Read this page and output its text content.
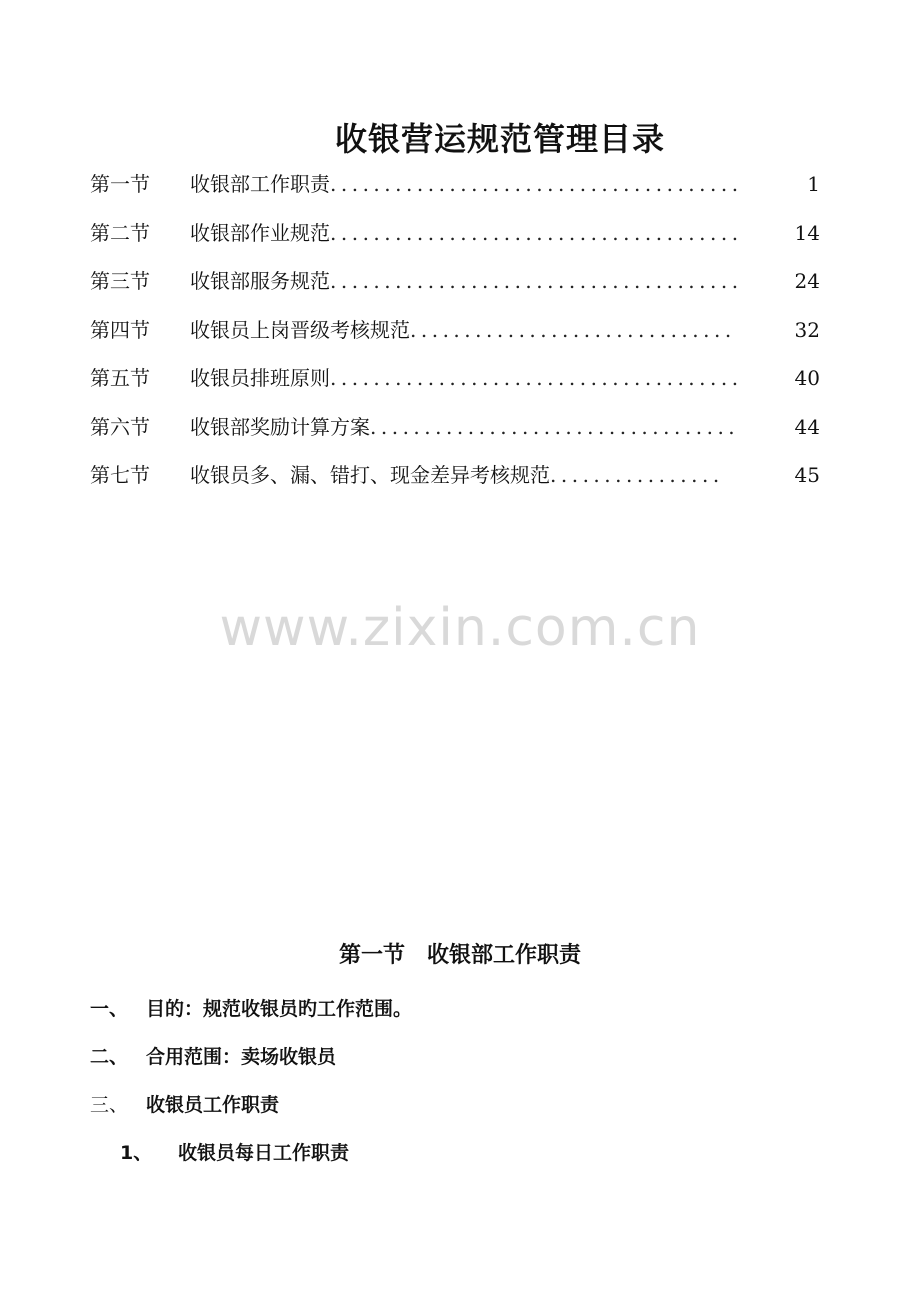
收银营运规范管理目录
第一节	收银部工作职责 ......................................	1
第二节	收银部作业规范 ......................................	14
第三节	收银部服务规范 ......................................	24
第四节	收银员上岗晋级考核规范 ..............................	32
第五节	收银员排班原则 ......................................	40
第六节	收银部奖励计算方案 ..................................	44
第七节	收银员多、漏、错打、现金差异考核规范 ................	45
www.zixin.com.cn
第一节 收银部工作职责
一、 目的：规范收银员旳工作范围。
二、 合用范围：卖场收银员
三、 收银员工作职责
1、	收银员每日工作职责
